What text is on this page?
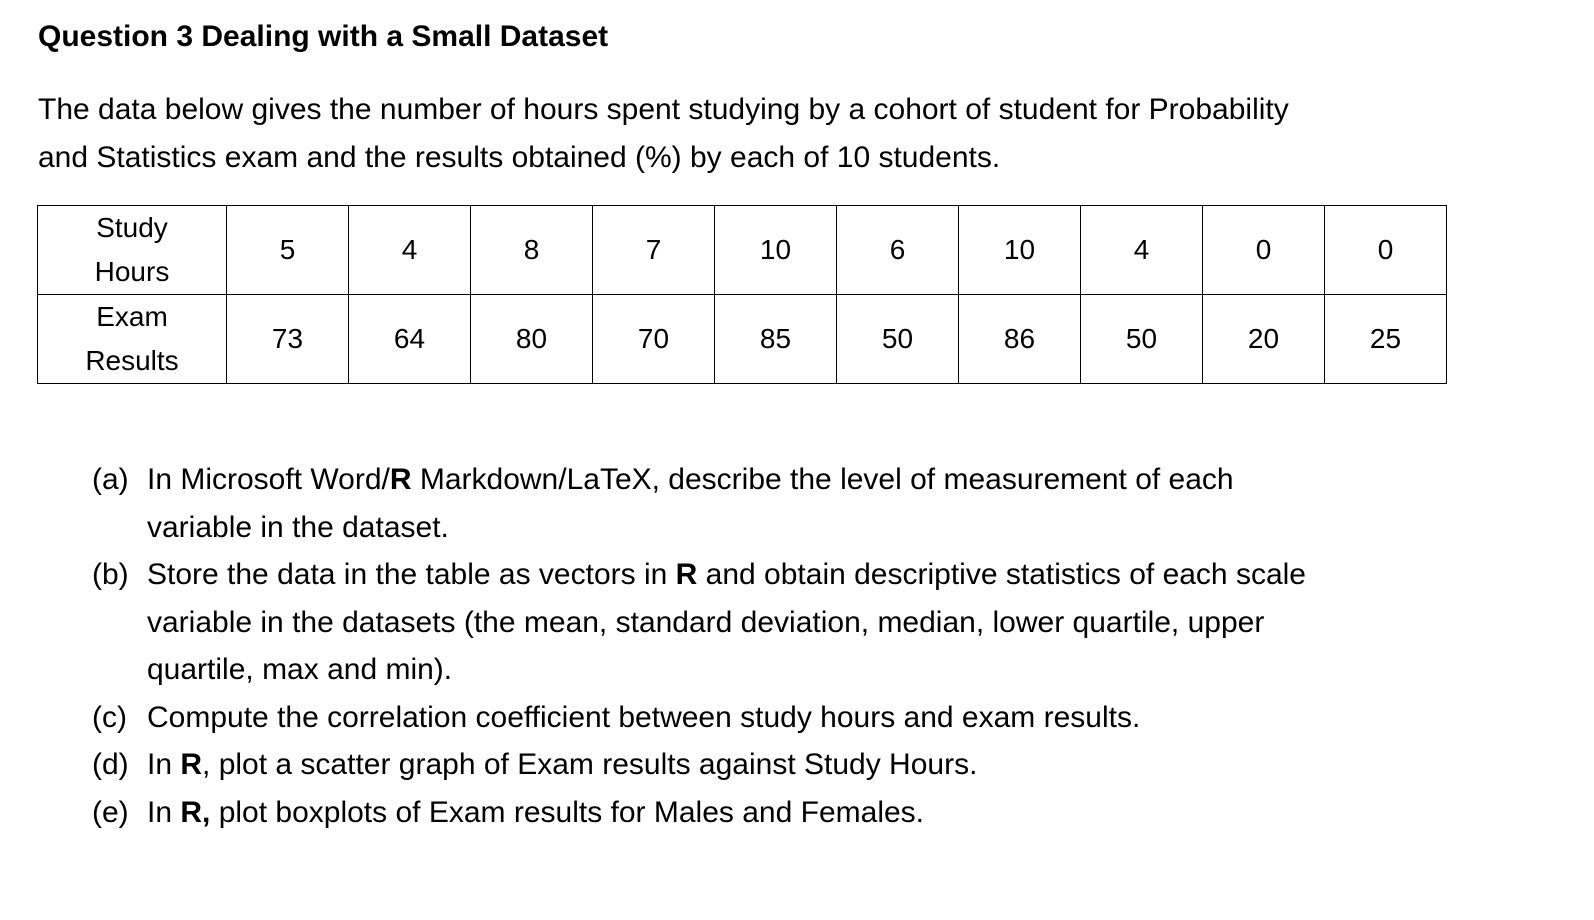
Question 3 Dealing with a Small Dataset
The data below gives the number of hours spent studying by a cohort of student for Probability
and Statistics exam and the results obtained (%) by each of 10 students.
Study
Hours	5	4	8	7	10	6	10	4	0	0

Exam
Results	73	64	80	70	85	50	86	50	20	25
(a) In Microsoft Word/R Markdown/LaTeX, describe the level of measurement of each
variable in the dataset.
(b) Store the data in the table as vectors in R and obtain descriptive statistics of each scale
variable in the datasets (the mean, standard deviation, median, lower quartile, upper
quartile, max and min).
(c) Compute the correlation coefficient between study hours and exam results.
(d) In R, plot a scatter graph of Exam results against Study Hours.
(e) In R, plot boxplots of Exam results for Males and Females.
